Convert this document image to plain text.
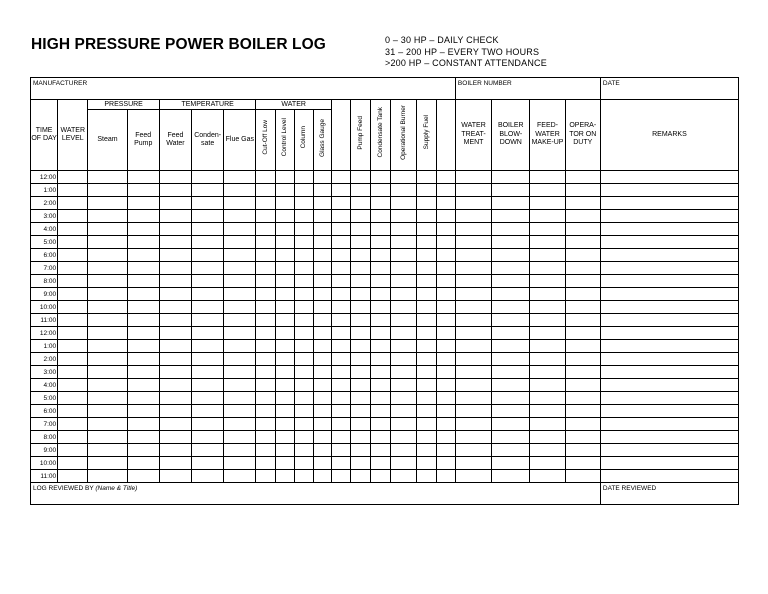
HIGH PRESSURE POWER BOILER LOG	0 – 30 HP – DAILY CHECK
31 – 200 HP – EVERY TWO HOURS
>200 HP – CONSTANT ATTENDANCE
MANUFACTURER																	BOILER NUMBER				DATE
TIME OF DAY	WATER LEVEL	PRESSURE		TEMPERATURE			WATER					Pump Feed	Condensate Tank	Operational Burner	Supply Fuel		WATER TREAT-MENT	BOILER BLOW-DOWN	FEED-WATER MAKE-UP	OPERA-TOR ON DUTY	REMARKS
		Steam	Feed Pump	Feed Water	Conden-sate	Flue Gas	Cut-Off Low	Control Level	Column	Glass Gauge											
12:00																					
1:00																					
2:00																					
3:00																					
4:00																					
5:00																					
6:00																					
7:00																					
8:00																					
9:00																					
10:00																					
11:00																					
12:00																					
1:00																					
2:00																					
3:00																					
4:00																					
5:00																					
6:00																					
7:00																					
8:00																					
9:00																					
10:00																					
11:00																					
LOG REVIEWED BY (Name & Title)																					DATE REVIEWED
